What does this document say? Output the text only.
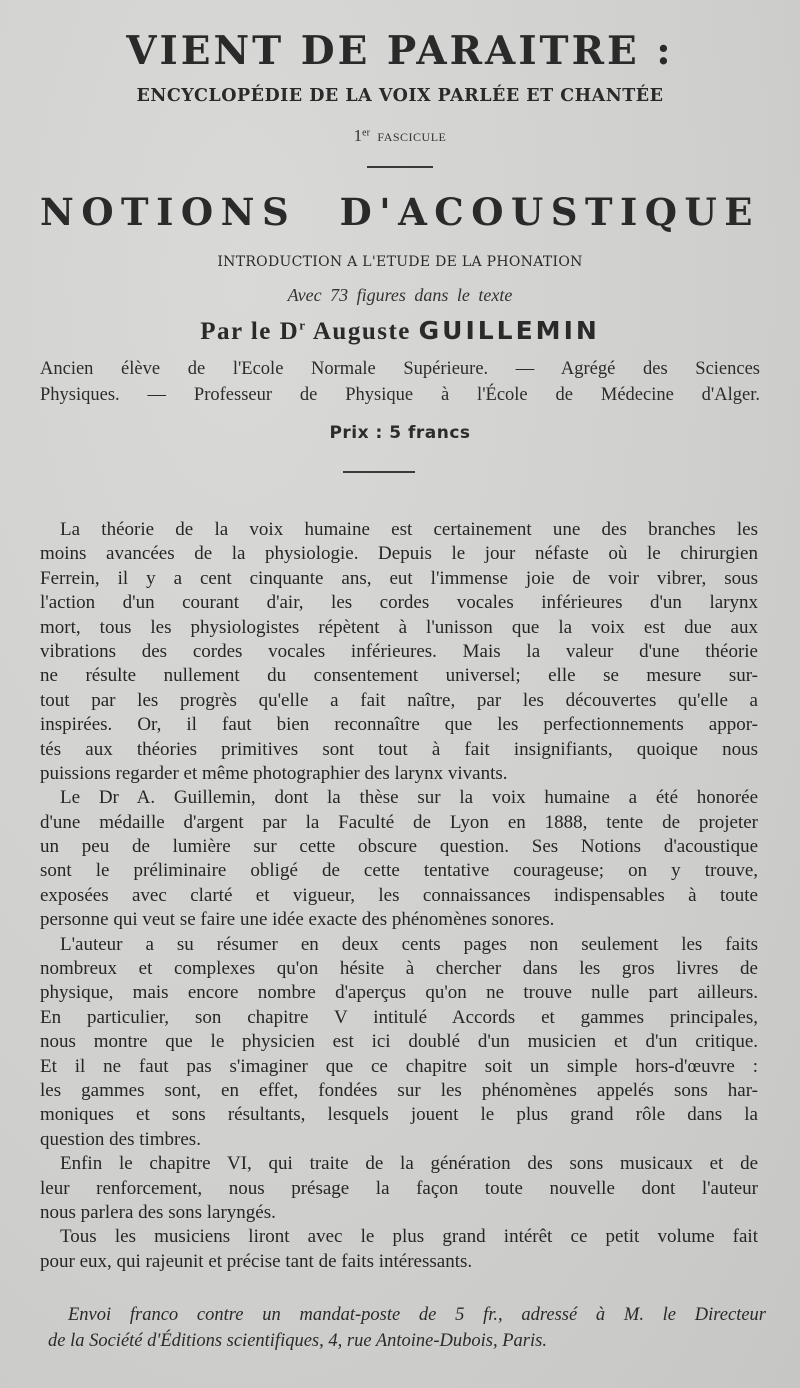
VIENT DE PARAITRE :
ENCYCLOPÉDIE DE LA VOIX PARLÉE ET CHANTÉE
1er FASCICULE
NOTIONS D'ACOUSTIQUE
INTRODUCTION A L'ETUDE DE LA PHONATION
Avec 73 figures dans le texte
Par le $D^r$ Auguste GUILLEMIN
Ancien élève de l'Ecole Normale Supérieure. — Agrégé des Sciences
Physiques. — Professeur de Physique à l'École de Médecine d'Alger.
Prix : 5 francs
La théorie de la voix humaine est certainement une des branches les
moins avancées de la physiologie. Depuis le jour néfaste où le chirurgien
Ferrein, il y a cent cinquante ans, eut l'immense joie de voir vibrer, sous
l'action d'un courant d'air, les cordes vocales inférieures d'un larynx
mort, tous les physiologistes répètent à l'unisson que la voix est due aux
vibrations des cordes vocales inférieures. Mais la valeur d'une théorie
ne résulte nullement du consentement universel; elle se mesure sur-
tout par les progrès qu'elle a fait naître, par les découvertes qu'elle a
inspirées. Or, il faut bien reconnaître que les perfectionnements appor-
tés aux théories primitives sont tout à fait insignifiants, quoique nous
puissions regarder et même photographier des larynx vivants.
Le Dr A. Guillemin, dont la thèse sur la voix humaine a été honorée
d'une médaille d'argent par la Faculté de Lyon en 1888, tente de projeter
un peu de lumière sur cette obscure question. Ses Notions d'acoustique
sont le préliminaire obligé de cette tentative courageuse; on y trouve,
exposées avec clarté et vigueur, les connaissances indispensables à toute
personne qui veut se faire une idée exacte des phénomènes sonores.
L'auteur a su résumer en deux cents pages non seulement les faits
nombreux et complexes qu'on hésite à chercher dans les gros livres de
physique, mais encore nombre d'aperçus qu'on ne trouve nulle part ailleurs.
En particulier, son chapitre V intitulé Accords et gammes principales,
nous montre que le physicien est ici doublé d'un musicien et d'un critique.
Et il ne faut pas s'imaginer que ce chapitre soit un simple hors-d'œuvre :
les gammes sont, en effet, fondées sur les phénomènes appelés sons har-
moniques et sons résultants, lesquels jouent le plus grand rôle dans la
question des timbres.
Enfin le chapitre VI, qui traite de la génération des sons musicaux et de
leur renforcement, nous présage la façon toute nouvelle dont l'auteur
nous parlera des sons laryngés.
Tous les musiciens liront avec le plus grand intérêt ce petit volume fait
pour eux, qui rajeunit et précise tant de faits intéressants.
Envoi franco contre un mandat-poste de 5 fr., adressé à M. le Directeur
de la Société d'Éditions scientifiques, 4, rue Antoine-Dubois, Paris.
